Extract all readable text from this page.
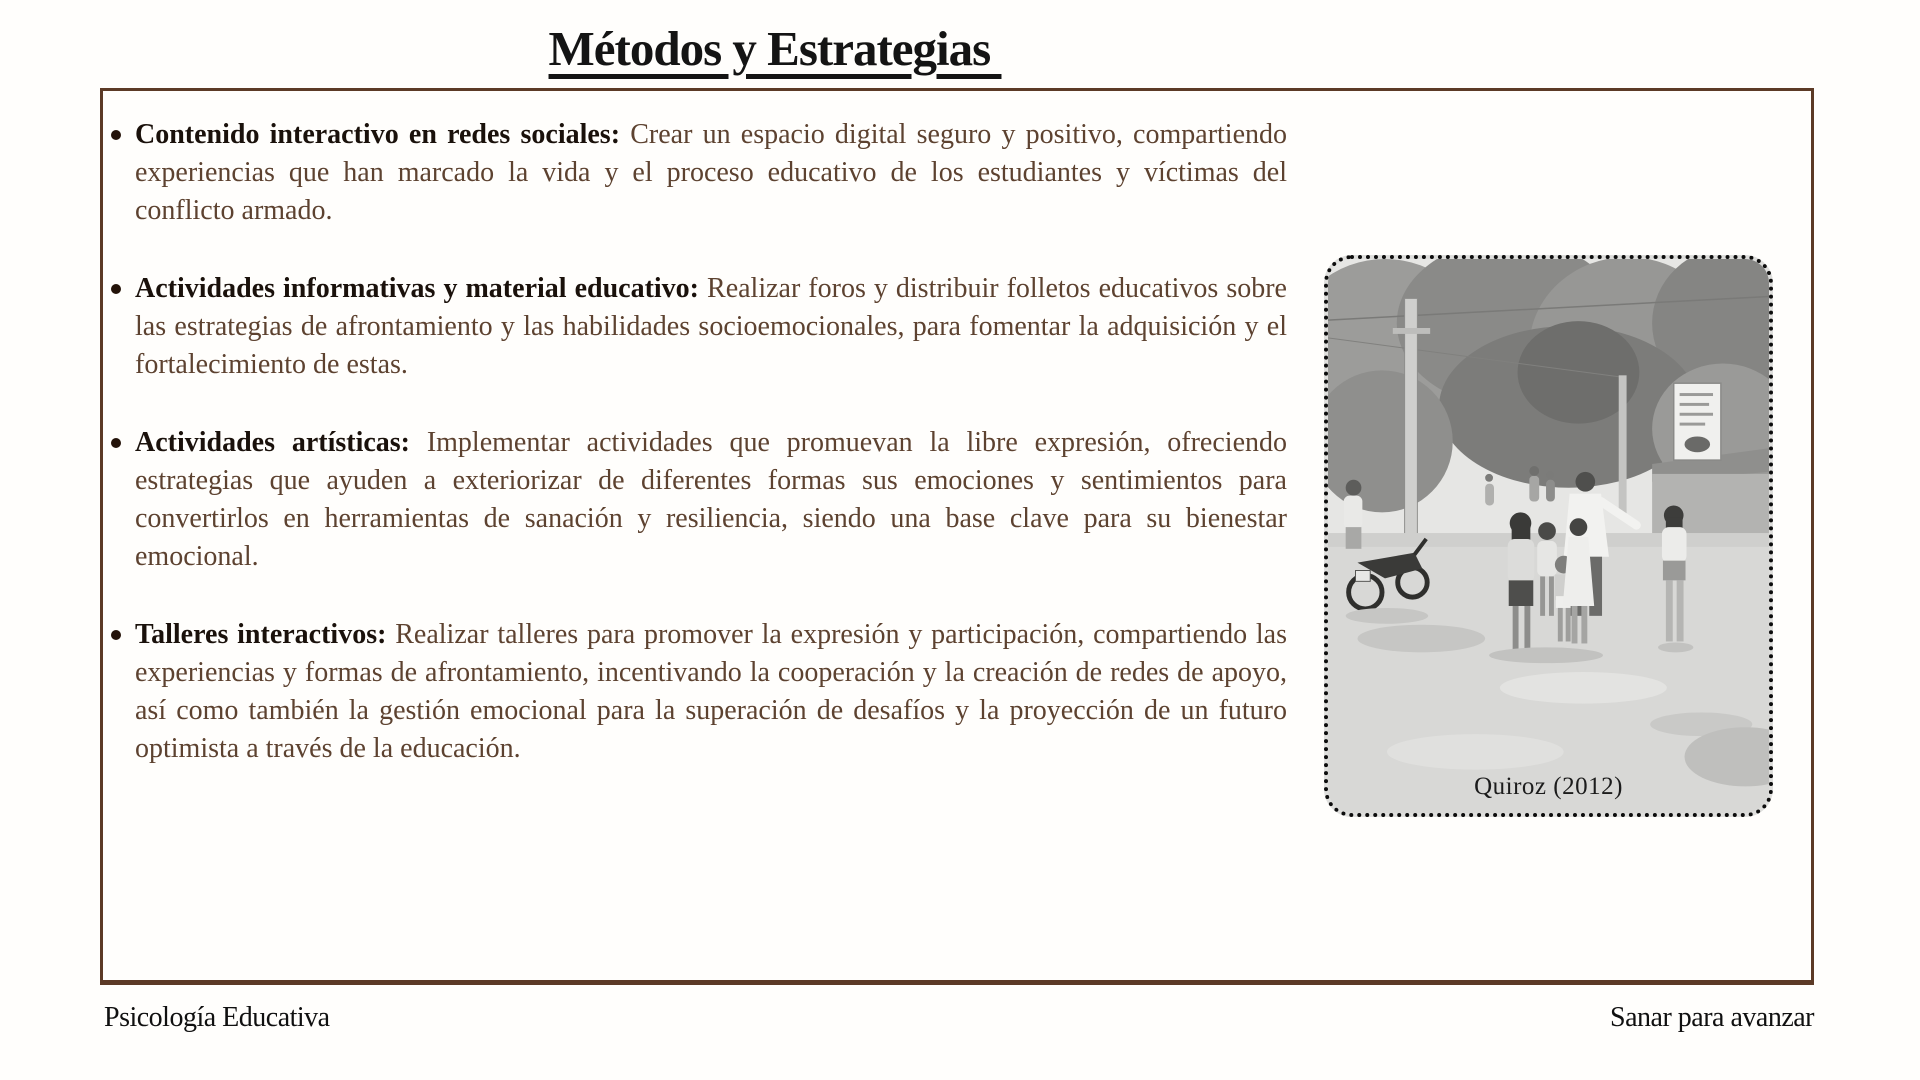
Métodos y Estrategias
Contenido interactivo en redes sociales: Crear un espacio digital seguro y positivo, compartiendo experiencias que han marcado la vida y el proceso educativo de los estudiantes y víctimas del conflicto armado.
Actividades informativas y material educativo: Realizar foros y distribuir folletos educativos sobre las estrategias de afrontamiento y las habilidades socioemocionales, para fomentar la adquisición y el fortalecimiento de estas.
Actividades artísticas: Implementar actividades que promuevan la libre expresión, ofreciendo estrategias que ayuden a exteriorizar de diferentes formas sus emociones y sentimientos para convertirlos en herramientas de sanación y resiliencia, siendo una base clave para su bienestar emocional.
Talleres interactivos: Realizar talleres para promover la expresión y participación, compartiendo las experiencias y formas de afrontamiento, incentivando la cooperación y la creación de redes de apoyo, así como también la gestión emocional para la superación de desafíos y la proyección de un futuro optimista a través de la educación.
Quiroz (2012)
Psicología Educativa	Sanar para avanzar
